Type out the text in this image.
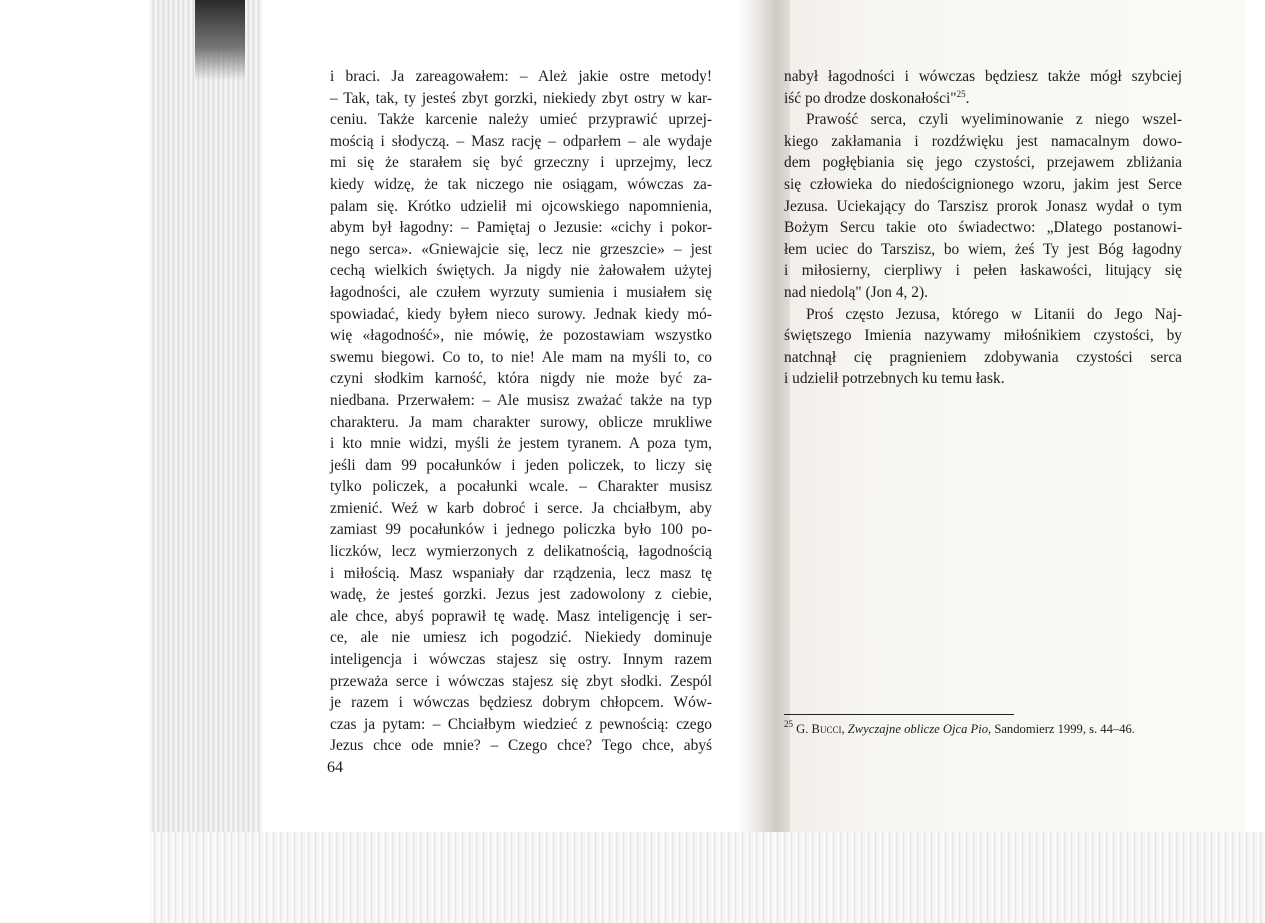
i braci. Ja zareagowałem: – Ależ jakie ostre metody!
– Tak, tak, ty jesteś zbyt gorzki, niekiedy zbyt ostry w kar-
ceniu. Także karcenie należy umieć przyprawić uprzej-
mością i słodyczą. – Masz rację – odparłem – ale wydaje
mi się że starałem się być grzeczny i uprzejmy, lecz
kiedy widzę, że tak niczego nie osiągam, wówczas za-
palam się. Krótko udzielił mi ojcowskiego napomnienia,
abym był łagodny: – Pamiętaj o Jezusie: «cichy i pokor-
nego serca». «Gniewajcie się, lecz nie grzeszcie» – jest
cechą wielkich świętych. Ja nigdy nie żałowałem użytej
łagodności, ale czułem wyrzuty sumienia i musiałem się
spowiadać, kiedy byłem nieco surowy. Jednak kiedy mó-
wię «łagodność», nie mówię, że pozostawiam wszystko
swemu biegowi. Co to, to nie! Ale mam na myśli to, co
czyni słodkim karność, która nigdy nie może być za-
niedbana. Przerwałem: – Ale musisz zważać także na typ
charakteru. Ja mam charakter surowy, oblicze mrukliwe
i kto mnie widzi, myśli że jestem tyranem. A poza tym,
jeśli dam 99 pocałunków i jeden policzek, to liczy się
tylko policzek, a pocałunki wcale. – Charakter musisz
zmienić. Weź w karb dobroć i serce. Ja chciałbym, aby
zamiast 99 pocałunków i jednego policzka było 100 po-
liczków, lecz wymierzonych z delikatnością, łagodnością
i miłością. Masz wspaniały dar rządzenia, lecz masz tę
wadę, że jesteś gorzki. Jezus jest zadowolony z ciebie,
ale chce, abyś poprawił tę wadę. Masz inteligencję i ser-
ce, ale nie umiesz ich pogodzić. Niekiedy dominuje
inteligencja i wówczas stajesz się ostry. Innym razem
przeważa serce i wówczas stajesz się zbyt słodki. Zespól
je razem i wówczas będziesz dobrym chłopcem. Wów-
czas ja pytam: – Chciałbym wiedzieć z pewnością: czego
Jezus chce ode mnie? – Czego chce? Tego chce, abyś
64
nabył łagodności i wówczas będziesz także mógł szybciej
iść po drodze doskonałości"$^{25}$.
Prawość serca, czyli wyeliminowanie z niego wszel-
kiego zakłamania i rozdźwięku jest namacalnym dowo-
dem pogłębiania się jego czystości, przejawem zbliżania
się człowieka do niedoścignionego wzoru, jakim jest Serce
Jezusa. Uciekający do Tarszisz prorok Jonasz wydał o tym
Bożym Sercu takie oto świadectwo: „Dlatego postanowi-
łem uciec do Tarszisz, bo wiem, żeś Ty jest Bóg łagodny
i miłosierny, cierpliwy i pełen łaskawości, litujący się
nad niedolą" (Jon 4, 2).
Proś często Jezusa, którego w Litanii do Jego Naj-
świętszego Imienia nazywamy miłośnikiem czystości, by
natchnął cię pragnieniem zdobywania czystości serca
i udzielił potrzebnych ku temu łask.
$^{25}$ G. Bucci, Zwyczajne oblicze Ojca Pio, Sandomierz 1999, s. 44–46.
